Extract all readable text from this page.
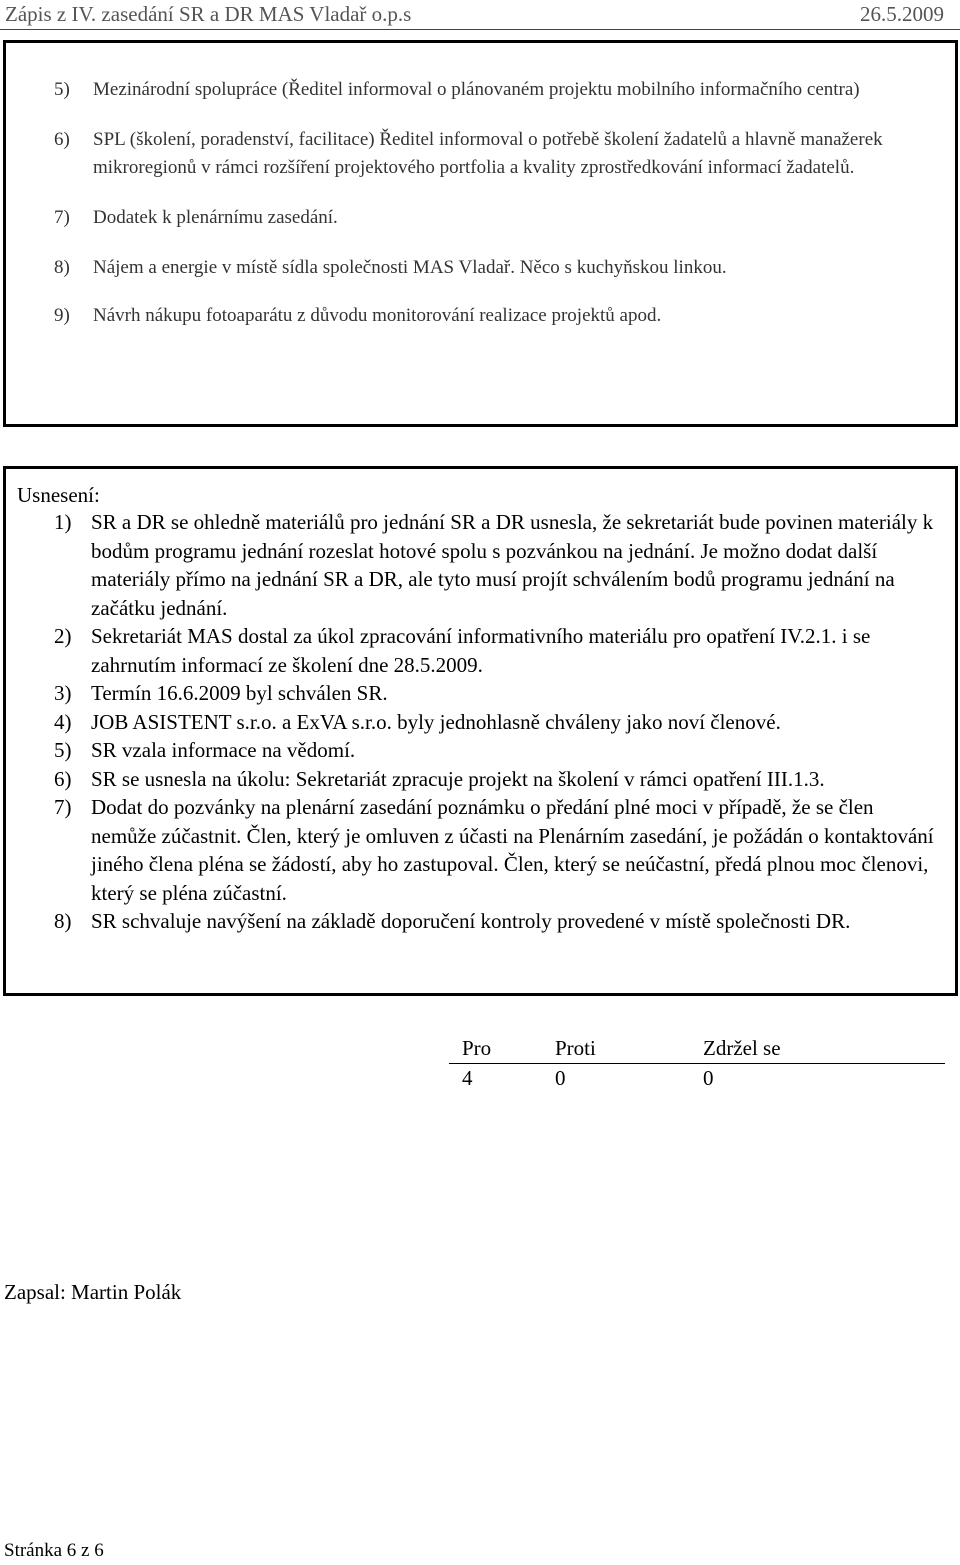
Zápis z IV. zasedání SR a DR MAS Vladař o.p.s	26.5.2009
5) Mezinárodní spolupráce (Ředitel informoval o plánovaném projektu mobilního informačního centra)
6) SPL (školení, poradenství, facilitace) Ředitel informoval o potřebě školení žadatelů a hlavně manažerek mikroregionů v rámci rozšíření projektového portfolia a kvality zprostředkování informací žadatelů.
7) Dodatek k plenárnímu zasedání.
8) Nájem a energie v místě sídla společnosti MAS Vladař. Něco s kuchyňskou linkou.
9) Návrh nákupu fotoaparátu z důvodu monitorování realizace projektů apod.
Usnesení:
1) SR a DR se ohledně materiálů pro jednání SR a DR usnesla, že sekretariát bude povinen materiály k bodům programu jednání rozeslat hotové spolu s pozvánkou na jednání. Je možno dodat další materiály přímo na jednání SR a DR, ale tyto musí projít schválením bodů programu jednání na začátku jednání.
2) Sekretariát MAS dostal za úkol zpracování informativního materiálu pro opatření IV.2.1. i se zahrnutím informací ze školení dne 28.5.2009.
3) Termín 16.6.2009 byl schválen SR.
4) JOB ASISTENT s.r.o. a ExVA s.r.o. byly jednohlasně chváleny jako noví členové.
5) SR vzala informace na vědomí.
6) SR se usnesla na úkolu: Sekretariát zpracuje projekt na školení v rámci opatření III.1.3.
7) Dodat do pozvánky na plenární zasedání poznámku o předání plné moci v případě, že se člen nemůže zúčastnit. Člen, který je omluven z účasti na Plenárním zasedání, je požádán o kontaktování jiného člena pléna se žádostí, aby ho zastupoval. Člen, který se neúčastní, předá plnou moc členovi, který se pléna zúčastní.
8) SR schvaluje navýšení na základě doporučení kontroly provedené v místě společnosti DR.
Pro	Proti	Zdržel se
4	0	0
Zapsal: Martin Polák
Stránka 6 z 6
